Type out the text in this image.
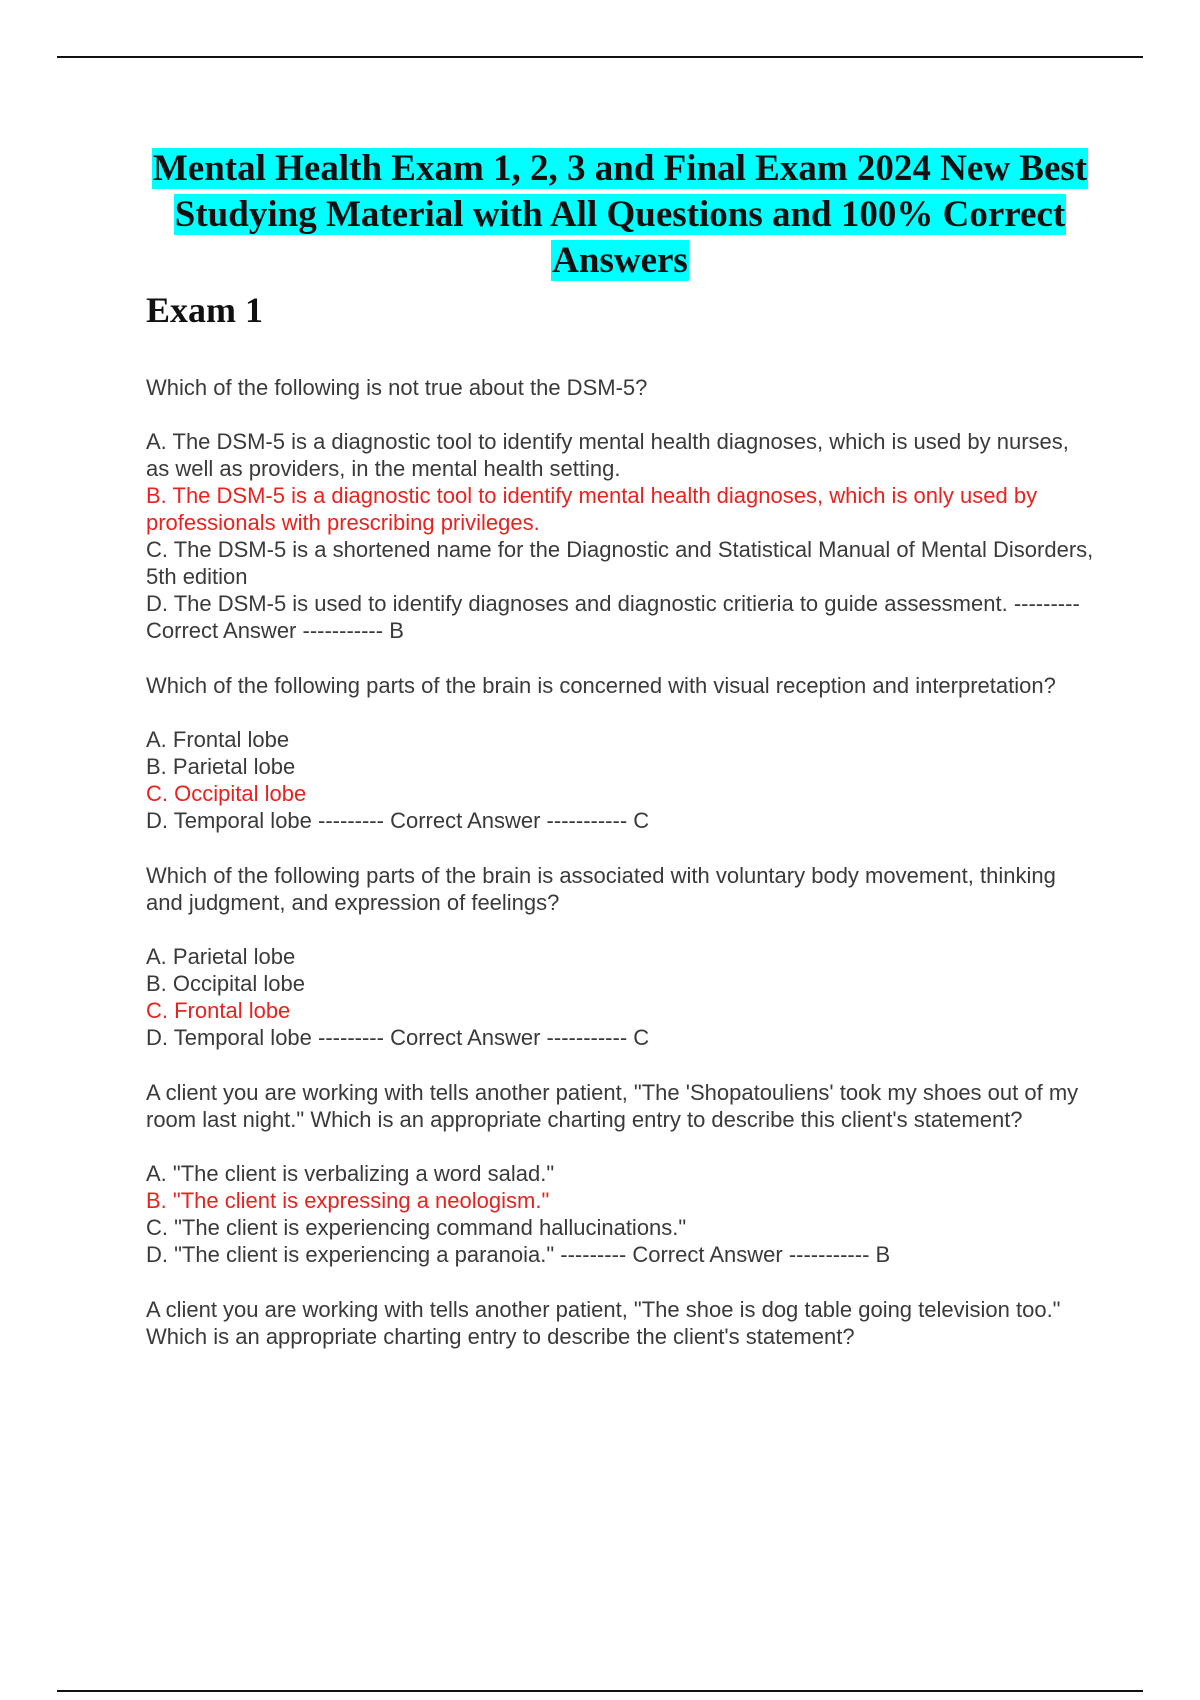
Mental Health Exam 1, 2, 3 and Final Exam 2024 New Best Studying Material with All Questions and 100% Correct Answers
Exam 1
Which of the following is not true about the DSM-5?
A. The DSM-5 is a diagnostic tool to identify mental health diagnoses, which is used by nurses, as well as providers, in the mental health setting.
B. The DSM-5 is a diagnostic tool to identify mental health diagnoses, which is only used by professionals with prescribing privileges.
C. The DSM-5 is a shortened name for the Diagnostic and Statistical Manual of Mental Disorders, 5th edition
D. The DSM-5 is used to identify diagnoses and diagnostic critieria to guide assessment. --------- Correct Answer ----------- B
Which of the following parts of the brain is concerned with visual reception and interpretation?
A. Frontal lobe
B. Parietal lobe
C. Occipital lobe
D. Temporal lobe --------- Correct Answer ----------- C
Which of the following parts of the brain is associated with voluntary body movement, thinking and judgment, and expression of feelings?
A. Parietal lobe
B. Occipital lobe
C. Frontal lobe
D. Temporal lobe --------- Correct Answer ----------- C
A client you are working with tells another patient, "The 'Shopatouliens' took my shoes out of my room last night." Which is an appropriate charting entry to describe this client's statement?
A. "The client is verbalizing a word salad."
B. "The client is expressing a neologism."
C. "The client is experiencing command hallucinations."
D. "The client is experiencing a paranoia." --------- Correct Answer ----------- B
A client you are working with tells another patient, "The shoe is dog table going television too." Which is an appropriate charting entry to describe the client's statement?
